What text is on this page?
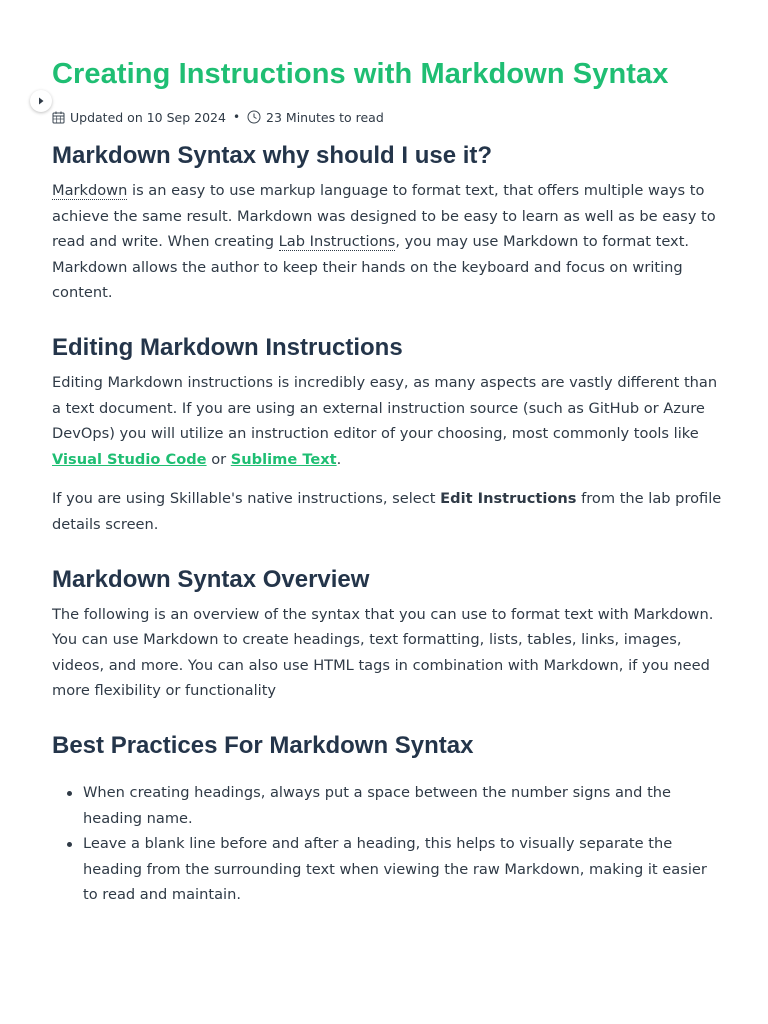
Creating Instructions with Markdown Syntax
Updated on 10 Sep 2024 • 23 Minutes to read
Markdown Syntax why should I use it?

Markdown is an easy to use markup language to format text, that offers multiple ways to achieve the same result. Markdown was designed to be easy to learn as well as be easy to read and write. When creating Lab Instructions, you may use Markdown to format text. Markdown allows the author to keep their hands on the keyboard and focus on writing content.

Editing Markdown Instructions

Editing Markdown instructions is incredibly easy, as many aspects are vastly different than a text document. If you are using an external instruction source (such as GitHub or Azure DevOps) you will utilize an instruction editor of your choosing, most commonly tools like Visual Studio Code or Sublime Text.

If you are using Skillable's native instructions, select Edit Instructions from the lab profile details screen.

Markdown Syntax Overview

The following is an overview of the syntax that you can use to format text with Markdown. You can use Markdown to create headings, text formatting, lists, tables, links, images, videos, and more. You can also use HTML tags in combination with Markdown, if you need more flexibility or functionality

Best Practices For Markdown Syntax
When creating headings, always put a space between the number signs and the heading name.
Leave a blank line before and after a heading, this helps to visually separate the heading from the surrounding text when viewing the raw Markdown, making it easier to read and maintain.
